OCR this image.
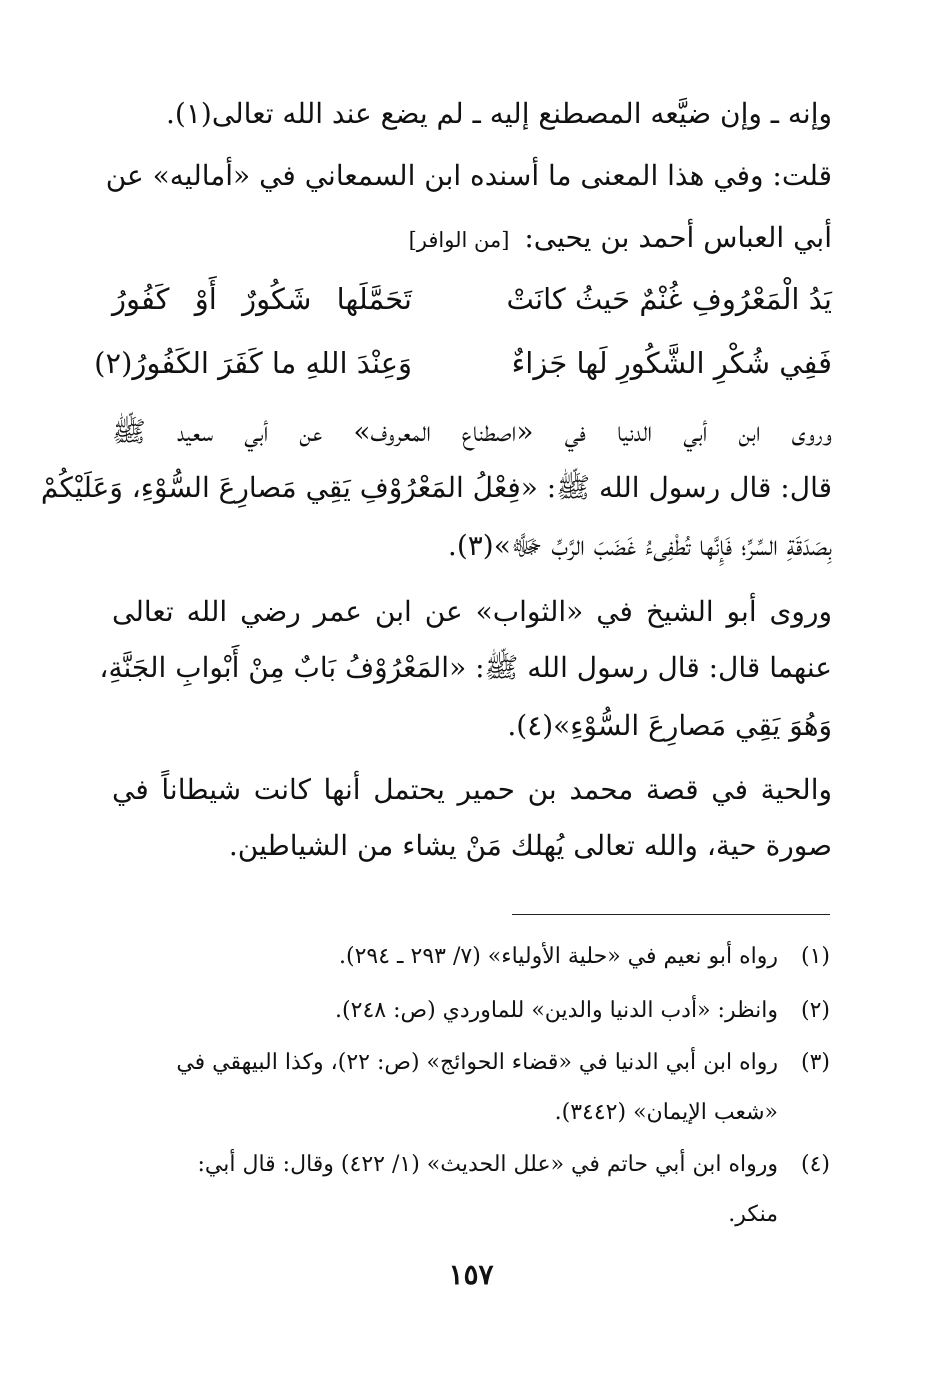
وإنه ـ وإن ضيَّعه المصطنع إليه ـ لم يضع عند الله تعالى(١).
قلت: وفي هذا المعنى ما أسنده ابن السمعاني في «أماليه» عن
أبي العباس أحمد بن يحيى: [من الوافر]
يَدُ الْمَعْرُوفِ غُنْمٌ حَيثُ كانَتْ
تَحَمَّلَها شَكُورٌ أَوْ كَفُورُ
فَفِي شُكْرِ الشَّكُورِ لَها جَزاءٌ
وَعِنْدَ اللهِ ما كَفَرَ الكَفُورُ(٢)
وروى ابن أبي الدنيا في «اصطناع المعروف» عن أبي سعيد ﷺ
قال: قال رسول الله ﷺ: «فِعْلُ المَعْرُوْفِ يَقِي مَصارِعَ السُّوْءِ، وَعَلَيْكُمْ
بِصَدَقَةِ السِّرِّ؛ فَإِنَّها تُطْفِىءُ غَضَبَ الرَّبِّ ﷻ»(٣).
وروى أبو الشيخ في «الثواب» عن ابن عمر رضي الله تعالى
عنهما قال: قال رسول الله ﷺ: «المَعْرُوْفُ بَابٌ مِنْ أَبْوابِ الجَنَّةِ،
وَهُوَ يَقِي مَصارِعَ السُّوْءِ»(٤).
والحية في قصة محمد بن حمير يحتمل أنها كانت شيطاناً في
صورة حية، والله تعالى يُهلك مَنْ يشاء من الشياطين.
(١)
رواه أبو نعيم في «حلية الأولياء» (٧/ ٢٩٣ ـ ٢٩٤).
(٢)
وانظر: «أدب الدنيا والدين» للماوردي (ص: ٢٤٨).
(٣)
رواه ابن أبي الدنيا في «قضاء الحوائج» (ص: ٢٢)، وكذا البيهقي في
«شعب الإيمان» (٣٤٤٢).
(٤)
ورواه ابن أبي حاتم في «علل الحديث» (١/ ٤٢٢) وقال: قال أبي:
منكر.
١٥٧
